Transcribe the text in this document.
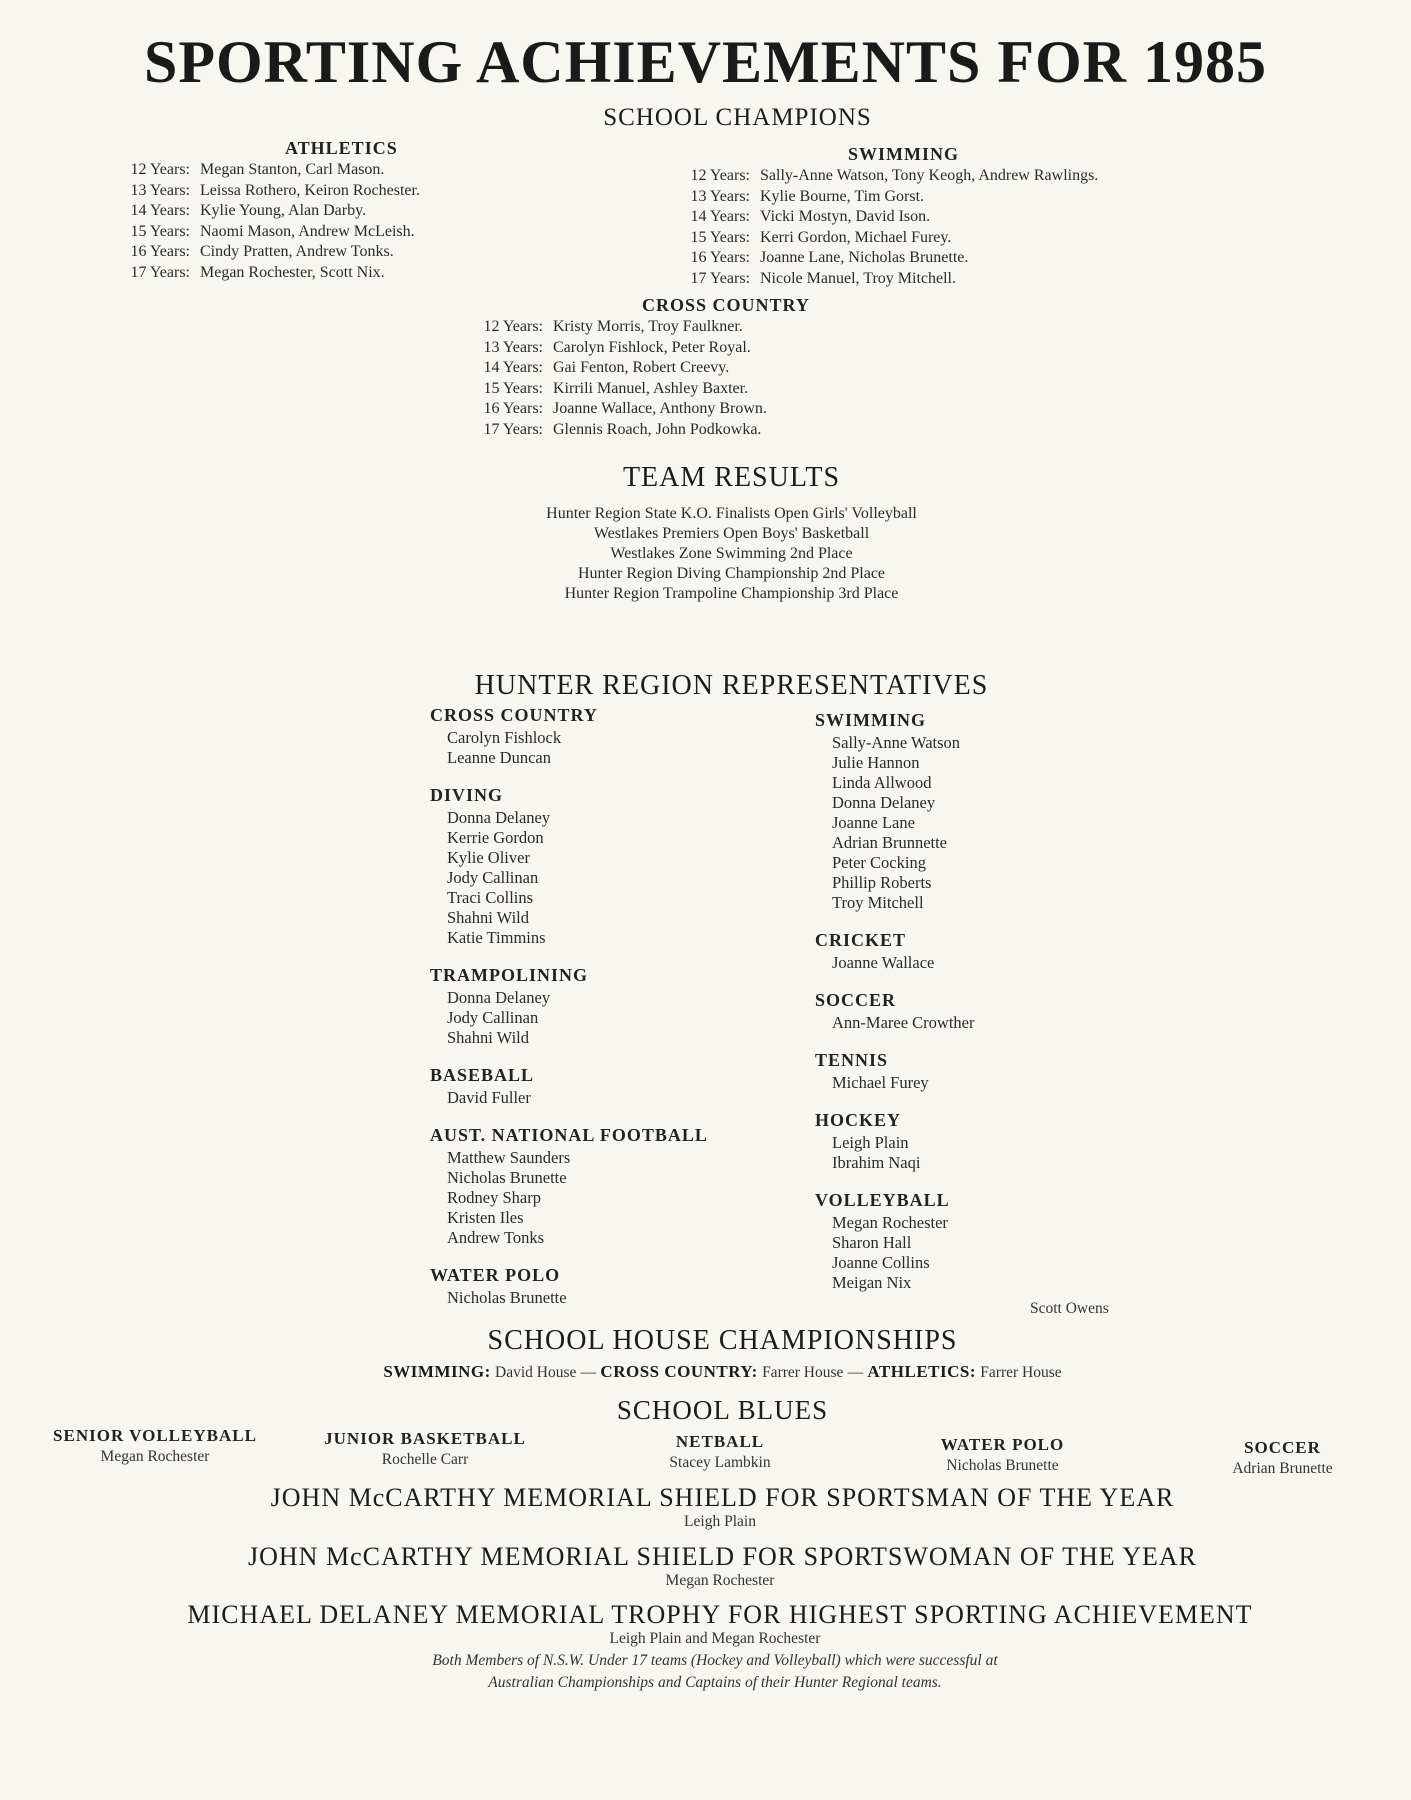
SPORTING ACHIEVEMENTS FOR 1985
SCHOOL CHAMPIONS
ATHLETICS
12 Years: Megan Stanton, Carl Mason.
13 Years: Leissa Rothero, Keiron Rochester.
14 Years: Kylie Young, Alan Darby.
15 Years: Naomi Mason, Andrew McLeish.
16 Years: Cindy Pratten, Andrew Tonks.
17 Years: Megan Rochester, Scott Nix.
SWIMMING
12 Years: Sally-Anne Watson, Tony Keogh, Andrew Rawlings.
13 Years: Kylie Bourne, Tim Gorst.
14 Years: Vicki Mostyn, David Ison.
15 Years: Kerri Gordon, Michael Furey.
16 Years: Joanne Lane, Nicholas Brunette.
17 Years: Nicole Manuel, Troy Mitchell.
CROSS COUNTRY
12 Years: Kristy Morris, Troy Faulkner.
13 Years: Carolyn Fishlock, Peter Royal.
14 Years: Gai Fenton, Robert Creevy.
15 Years: Kirrili Manuel, Ashley Baxter.
16 Years: Joanne Wallace, Anthony Brown.
17 Years: Glennis Roach, John Podkowka.
TEAM RESULTS
Hunter Region State K.O. Finalists Open Girls' Volleyball
Westlakes Premiers Open Boys' Basketball
Westlakes Zone Swimming 2nd Place
Hunter Region Diving Championship 2nd Place
Hunter Region Trampoline Championship 3rd Place
HUNTER REGION REPRESENTATIVES
CROSS COUNTRY
Carolyn Fishlock
Leanne Duncan
DIVING
Donna Delaney
Kerrie Gordon
Kylie Oliver
Jody Callinan
Traci Collins
Shahni Wild
Katie Timmins
TRAMPOLINING
Donna Delaney
Jody Callinan
Shahni Wild
BASEBALL
David Fuller
AUST. NATIONAL FOOTBALL
Matthew Saunders
Nicholas Brunette
Rodney Sharp
Kristen Iles
Andrew Tonks
WATER POLO
Nicholas Brunette
SWIMMING
Sally-Anne Watson
Julie Hannon
Linda Allwood
Donna Delaney
Joanne Lane
Adrian Brunnette
Peter Cocking
Phillip Roberts
Troy Mitchell
CRICKET
Joanne Wallace
SOCCER
Ann-Maree Crowther
TENNIS
Michael Furey
HOCKEY
Leigh Plain
Ibrahim Naqi
VOLLEYBALL
Megan Rochester
Sharon Hall
Joanne Collins
Meigan Nix
Scott Owens
SCHOOL HOUSE CHAMPIONSHIPS
SWIMMING: David House — CROSS COUNTRY: Farrer House — ATHLETICS: Farrer House
SCHOOL BLUES
SENIOR VOLLEYBALL
Megan Rochester
JUNIOR BASKETBALL
Rochelle Carr
NETBALL
Stacey Lambkin
WATER POLO
Nicholas Brunette
SOCCER
Adrian Brunette
JOHN McCARTHY MEMORIAL SHIELD FOR SPORTSMAN OF THE YEAR
Leigh Plain
JOHN McCARTHY MEMORIAL SHIELD FOR SPORTSWOMAN OF THE YEAR
Megan Rochester
MICHAEL DELANEY MEMORIAL TROPHY FOR HIGHEST SPORTING ACHIEVEMENT
Leigh Plain and Megan Rochester
Both Members of N.S.W. Under 17 teams (Hockey and Volleyball) which were successful at
Australian Championships and Captains of their Hunter Regional teams.
